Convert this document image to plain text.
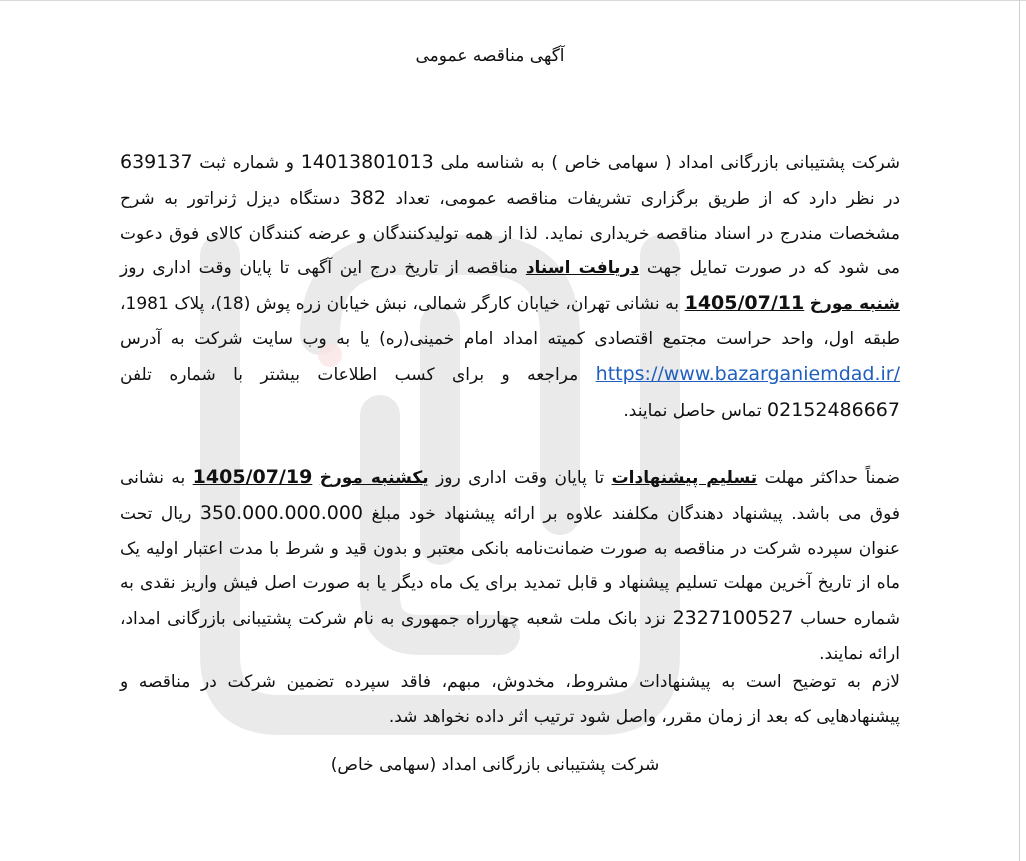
آگهی مناقصه عمومی
شرکت پشتیبانی بازرگانی امداد ( سهامی خاص ) به شناسه ملی 14013801013 و شماره ثبت 639137 در نظر دارد که از طریق برگزاری تشریفات مناقصه عمومی، تعداد 382 دستگاه دیزل ژنراتور به شرح مشخصات مندرج در اسناد مناقصه خریداری نماید. لذا از همه تولیدکنندگان و عرضه کنندگان کالای فوق دعوت می شود که در صورت تمایل جهت دریافت اسناد مناقصه از تاریخ درج این آگهی تا پایان وقت اداری روز شنبه مورخ 1405/07/11 به نشانی تهران، خیابان کارگر شمالی، نبش خیابان زره پوش (18)، پلاک 1981، طبقه اول، واحد حراست مجتمع اقتصادی کمیته امداد امام خمینی(ره) یا به وب سایت شرکت به آدرس https://www.bazarganiemdad.ir/ مراجعه و برای کسب اطلاعات بیشتر با شماره تلفن 02152486667 تماس حاصل نمایند.
ضمناً حداکثر مهلت تسلیم پیشنهادات تا پایان وقت اداری روز یکشنبه مورخ 1405/07/19 به نشانی فوق می باشد. پیشنهاد دهندگان مکلفند علاوه بر ارائه پیشنهاد خود مبلغ 350.000.000.000 ریال تحت عنوان سپرده شرکت در مناقصه به صورت ضمانت‌نامه بانکی معتبر و بدون قید و شرط با مدت اعتبار اولیه یک ماه از تاریخ آخرین مهلت تسلیم پیشنهاد و قابل تمدید برای یک ماه دیگر یا به صورت اصل فیش واریز نقدی به شماره حساب 2327100527 نزد بانک ملت شعبه چهارراه جمهوری به نام شرکت پشتیبانی بازرگانی امداد، ارائه نمایند.
لازم به توضیح است به پیشنهادات مشروط، مخدوش، مبهم، فاقد سپرده تضمین شرکت در مناقصه و پیشنهادهایی که بعد از زمان مقرر، واصل شود ترتیب اثر داده نخواهد شد.
شرکت پشتیبانی بازرگانی امداد (سهامی خاص)
